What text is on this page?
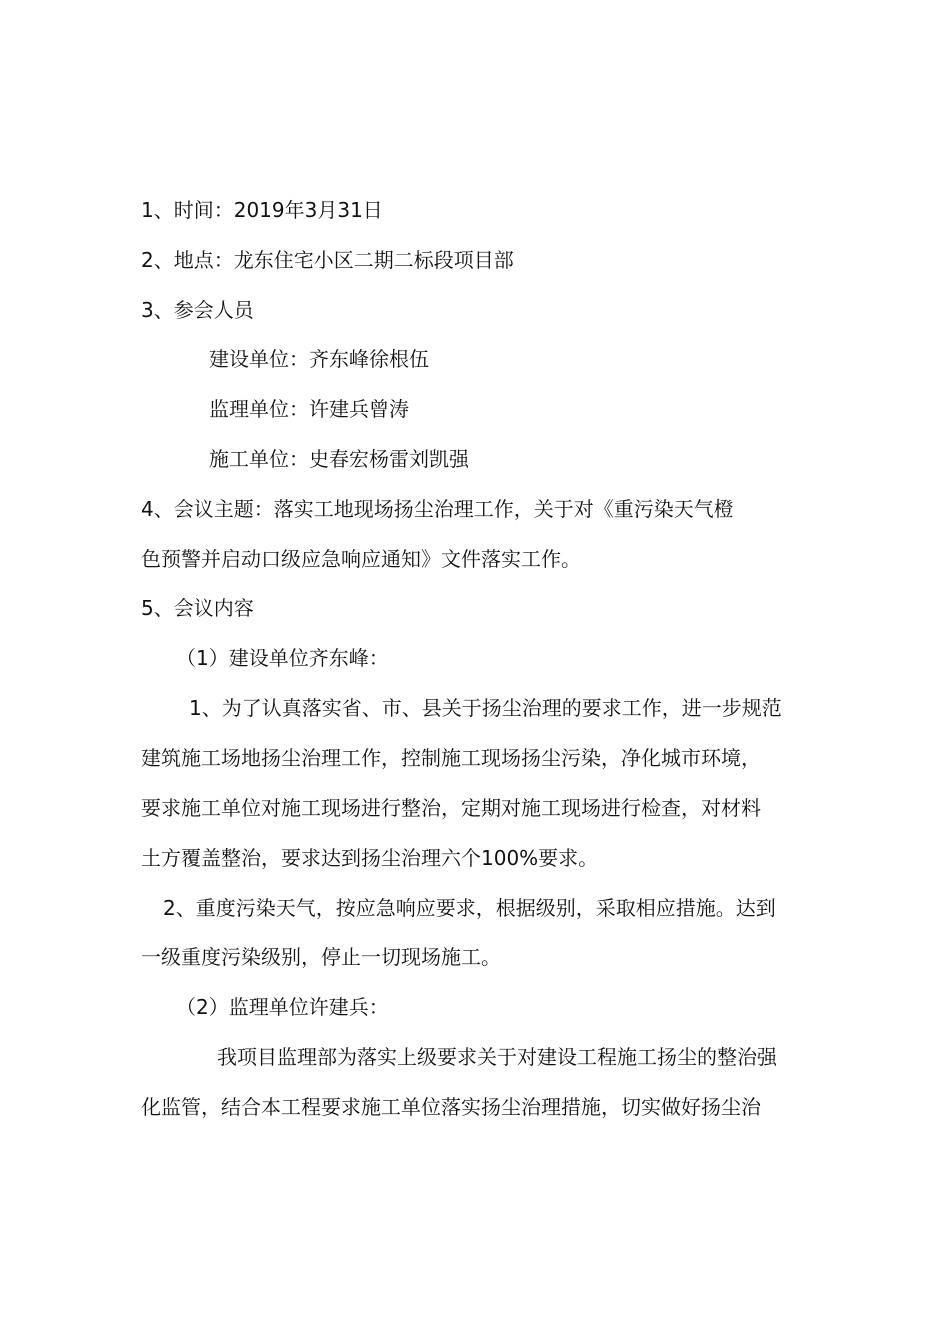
1、时间：2019年3月31日
2、地点：龙东住宅小区二期二标段项目部
3、参会人员
建设单位：齐东峰徐根伍
监理单位：许建兵曾涛
施工单位：史春宏杨雷刘凯强
4、会议主题：落实工地现场扬尘治理工作，关于对《重污染天气橙
色预警并启动口级应急响应通知》文件落实工作。
5、会议内容
（1）建设单位齐东峰：
1、为了认真落实省、市、县关于扬尘治理的要求工作，进一步规范
建筑施工场地扬尘治理工作，控制施工现场扬尘污染，净化城市环境，
要求施工单位对施工现场进行整治，定期对施工现场进行检查，对材料
土方覆盖整治，要求达到扬尘治理六个100%要求。
2、重度污染天气，按应急响应要求，根据级别，采取相应措施。达到
一级重度污染级别，停止一切现场施工。
（2）监理单位许建兵：
我项目监理部为落实上级要求关于对建设工程施工扬尘的整治强
化监管，结合本工程要求施工单位落实扬尘治理措施，切实做好扬尘治
